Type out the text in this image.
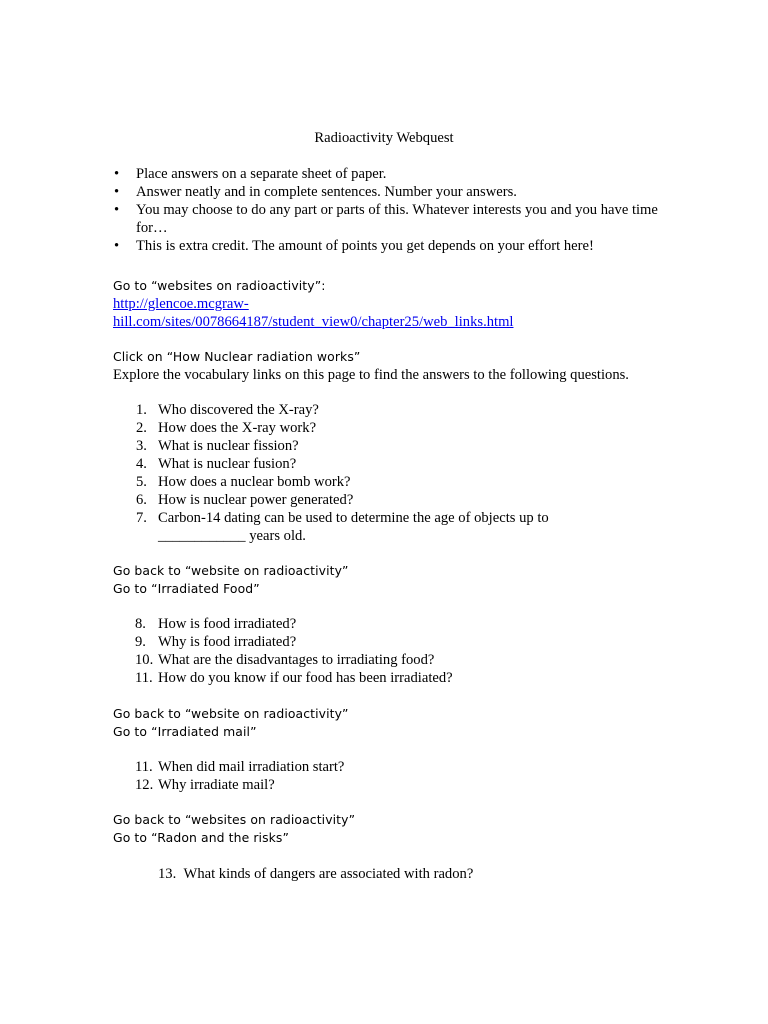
Radioactivity Webquest
• Place answers on a separate sheet of paper.
• Answer neatly and in complete sentences. Number your answers.
• You may choose to do any part or parts of this. Whatever interests you and you have time for…
• This is extra credit. The amount of points you get depends on your effort here!
Go to “websites on radioactivity”:
http://glencoe.mcgraw-
hill.com/sites/0078664187/student_view0/chapter25/web_links.html
Click on “How Nuclear radiation works”
Explore the vocabulary links on this page to find the answers to the following questions.
1. Who discovered the X-ray?
2. How does the X-ray work?
3. What is nuclear fission?
4. What is nuclear fusion?
5. How does a nuclear bomb work?
6. How is nuclear power generated?
7. Carbon-14 dating can be used to determine the age of objects up to
____________ years old.
Go back to “website on radioactivity”
Go to “Irradiated Food”
8. How is food irradiated?
9. Why is food irradiated?
10. What are the disadvantages to irradiating food?
11. How do you know if our food has been irradiated?
Go back to “website on radioactivity”
Go to “Irradiated mail”
11. When did mail irradiation start?
12. Why irradiate mail?
Go back to “websites on radioactivity”
Go to “Radon and the risks”
13. What kinds of dangers are associated with radon?
